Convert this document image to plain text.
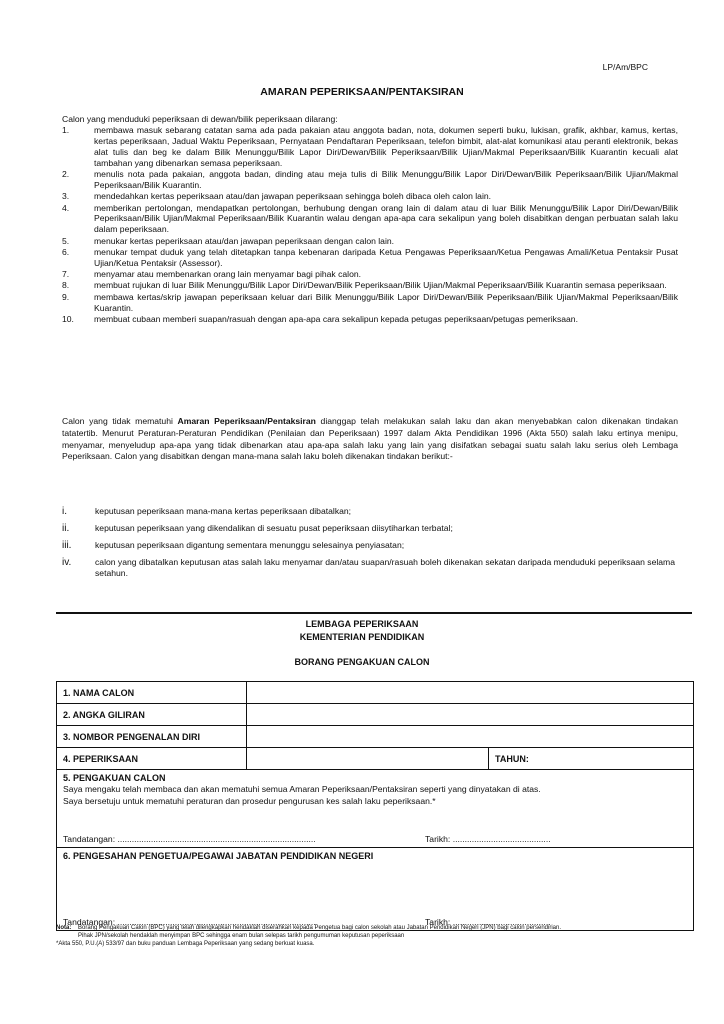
LP/Am/BPC
AMARAN PEPERIKSAAN/PENTAKSIRAN
Calon yang menduduki peperiksaan di dewan/bilik peperiksaan dilarang:
1.	membawa masuk sebarang catatan sama ada pada pakaian atau anggota badan, nota, dokumen seperti buku, lukisan, grafik, akhbar, kamus, kertas, kertas peperiksaan, Jadual Waktu Peperiksaan, Pernyataan Pendaftaran Peperiksaan, telefon bimbit, alat-alat komunikasi atau peranti elektronik, bekas alat tulis dan beg ke dalam Bilik Menunggu/Bilik Lapor Diri/Dewan/Bilik Peperiksaan/Bilik Ujian/Makmal Peperiksaan/Bilik Kuarantin kecuali alat tambahan yang dibenarkan semasa peperiksaan.
2.	menulis nota pada pakaian, anggota badan, dinding atau meja tulis di Bilik Menunggu/Bilik Lapor Diri/Dewan/Bilik Peperiksaan/Bilik Ujian/Makmal Peperiksaan/Bilik Kuarantin.
3.	mendedahkan kertas peperiksaan atau/dan jawapan peperiksaan sehingga boleh dibaca oleh calon lain.
4.	memberikan pertolongan, mendapatkan pertolongan, berhubung dengan orang lain di dalam atau di luar Bilik Menunggu/Bilik Lapor Diri/Dewan/Bilik Peperiksaan/Bilik Ujian/Makmal Peperiksaan/Bilik Kuarantin walau dengan apa-apa cara sekalipun yang boleh disabitkan dengan perbuatan salah laku dalam peperiksaan.
5.	menukar kertas peperiksaan atau/dan jawapan peperiksaan dengan calon lain.
6.	menukar tempat duduk yang telah ditetapkan tanpa kebenaran daripada Ketua Pengawas Peperiksaan/Ketua Pengawas Amali/Ketua Pentaksir Pusat Ujian/Ketua Pentaksir (Assessor).
7.	menyamar atau membenarkan orang lain menyamar bagi pihak calon.
8.	membuat rujukan di luar Bilik Menunggu/Bilik Lapor Diri/Dewan/Bilik Peperiksaan/Bilik Ujian/Makmal Peperiksaan/Bilik Kuarantin semasa peperiksaan.
9.	membawa kertas/skrip jawapan peperiksaan keluar dari Bilik Menunggu/Bilik Lapor Diri/Dewan/Bilik Peperiksaan/Bilik Ujian/Makmal Peperiksaan/Bilik Kuarantin.
10.	membuat cubaan memberi suapan/rasuah dengan apa-apa cara sekalipun kepada petugas peperiksaan/petugas pemeriksaan.
Calon yang tidak mematuhi Amaran Peperiksaan/Pentaksiran dianggap telah melakukan salah laku dan akan menyebabkan calon dikenakan tindakan tatatertib. Menurut Peraturan-Peraturan Pendidikan (Penilaian dan Peperiksaan) 1997 dalam Akta Pendidikan 1996 (Akta 550) salah laku ertinya menipu, menyamar, menyeludup apa-apa yang tidak dibenarkan atau apa-apa salah laku yang lain yang disifatkan sebagai suatu salah laku serius oleh Lembaga Peperiksaan. Calon yang disabitkan dengan mana-mana salah laku boleh dikenakan tindakan berikut:-
i.	keputusan peperiksaan mana-mana kertas peperiksaan dibatalkan;
ii.	keputusan peperiksaan yang dikendalikan di sesuatu pusat peperiksaan diisytiharkan terbatal;
iii.	keputusan peperiksaan digantung sementara menunggu selesainya penyiasatan;
iv.	calon yang dibatalkan keputusan atas salah laku menyamar dan/atau suapan/rasuah boleh dikenakan sekatan daripada menduduki peperiksaan selama setahun.
LEMBAGA PEPERIKSAAN
KEMENTERIAN PENDIDIKAN
BORANG PENGAKUAN CALON
1. NAMA CALON
2. ANGKA GILIRAN
3. NOMBOR PENGENALAN DIRI
4. PEPERIKSAAN	TAHUN:
5. PENGAKUAN CALON
Saya mengaku telah membaca dan akan mematuhi semua Amaran Peperiksaan/Pentaksiran seperti yang dinyatakan di atas.
Saya bersetuju untuk mematuhi peraturan dan prosedur pengurusan kes salah laku peperiksaan.*
Tandatangan: ...................................................................................	Tarikh: .........................................
6. PENGESAHAN PENGETUA/PEGAWAI JABATAN PENDIDIKAN NEGERI
Tandatangan: ...................................................................................	Tarikh: .........................................
Nota:	Borang Pengakuan Calon (BPC) yang telah dilengkapkan hendaklah diserahkan kepada Pengetua bagi calon sekolah atau Jabatan Pendidikan Negeri (JPN) bagi calon persendirian.
Pihak JPN/sekolah hendaklah menyimpan BPC sehingga enam bulan selepas tarikh pengumuman keputusan peperiksaan
*Akta 550, P.U.(A) 533/97 dan buku panduan Lembaga Peperiksaan yang sedang berkuat kuasa.
